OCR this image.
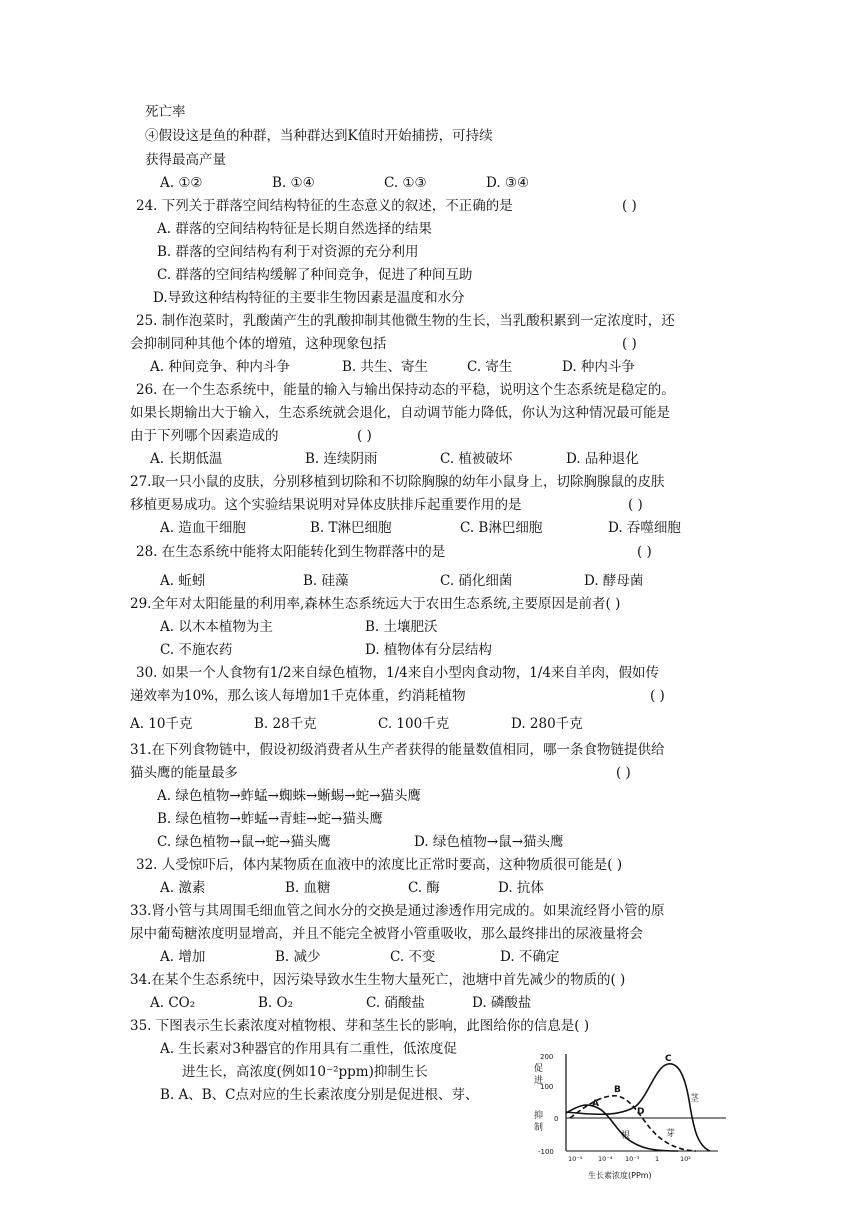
死亡率
④假设这是鱼的种群，当种群达到K值时开始捕捞，可持续
获得最高产量
A. ①②	B. ①④	C. ①③	D. ③④
24. 下列关于群落空间结构特征的生态意义的叙述，不正确的是	( )
A. 群落的空间结构特征是长期自然选择的结果
B. 群落的空间结构有利于对资源的充分利用
C. 群落的空间结构缓解了种间竞争，促进了种间互助
D.导致这种结构特征的主要非生物因素是温度和水分
25. 制作泡菜时，乳酸菌产生的乳酸抑制其他微生物的生长，当乳酸积累到一定浓度时，还
会抑制同种其他个体的增殖，这种现象包括	( )
A. 种间竞争、种内斗争	B. 共生、寄生	C. 寄生	D. 种内斗争
26. 在一个生态系统中，能量的输入与输出保持动态的平稳，说明这个生态系统是稳定的。
如果长期输出大于输入，生态系统就会退化，自动调节能力降低，你认为这种情况最可能是
由于下列哪个因素造成的	( )
A. 长期低温	B. 连续阴雨	C. 植被破坏	D. 品种退化
27.取一只小鼠的皮肤，分别移植到切除和不切除胸腺的幼年小鼠身上，切除胸腺鼠的皮肤
移植更易成功。这个实验结果说明对异体皮肤排斥起重要作用的是	( )
A. 造血干细胞	B. T淋巴细胞	C. B淋巴细胞	D. 吞噬细胞
28. 在生态系统中能将太阳能转化到生物群落中的是	( )
A. 蚯蚓	B. 硅藻	C. 硝化细菌	D. 酵母菌
29.全年对太阳能量的利用率,森林生态系统远大于农田生态系统,主要原因是前者( )
A. 以木本植物为主	B. 土壤肥沃
C. 不施农药	D. 植物体有分层结构
30. 如果一个人食物有1/2来自绿色植物，1/4来自小型肉食动物，1/4来自羊肉，假如传
递效率为10%，那么该人每增加1千克体重，约消耗植物	( )
A. 10千克	B. 28千克	C. 100千克	D. 280千克
31.在下列食物链中，假设初级消费者从生产者获得的能量数值相同，哪一条食物链提供给
猫头鹰的能量最多	( )
A. 绿色植物→蚱蜢→蜘蛛→蜥蜴→蛇→猫头鹰
B. 绿色植物→蚱蜢→青蛙→蛇→猫头鹰
C. 绿色植物→鼠→蛇→猫头鹰	D. 绿色植物→鼠→猫头鹰
32. 人受惊吓后，体内某物质在血液中的浓度比正常时要高，这种物质很可能是( )
A. 激素	B. 血糖	C. 酶	D. 抗体
33.肾小管与其周围毛细血管之间水分的交换是通过渗透作用完成的。如果流经肾小管的原
尿中葡萄糖浓度明显增高，并且不能完全被肾小管重吸收，那么最终排出的尿液量将会
A. 增加	B. 减少	C. 不变	D. 不确定
34.在某个生态系统中，因污染导致水生生物大量死亡，池塘中首先减少的物质的( )
A. CO₂	B. O₂	C. 硝酸盐	D. 磷酸盐
35. 下图表示生长素浓度对植物根、芽和茎生长的影响，此图给你的信息是( )
A. 生长素对3种器官的作用具有二重性，低浓度促
进生长，高浓度(例如10⁻²ppm)抑制生长
B. A、B、C点对应的生长素浓度分别是促进根、芽、
200
100
0
-100
促
进
抑
制
10⁻⁵ 10⁻⁴ 10⁻³ 1	10²
生长素浓度(PPm)
A
B
C
D
根	芽
茎
